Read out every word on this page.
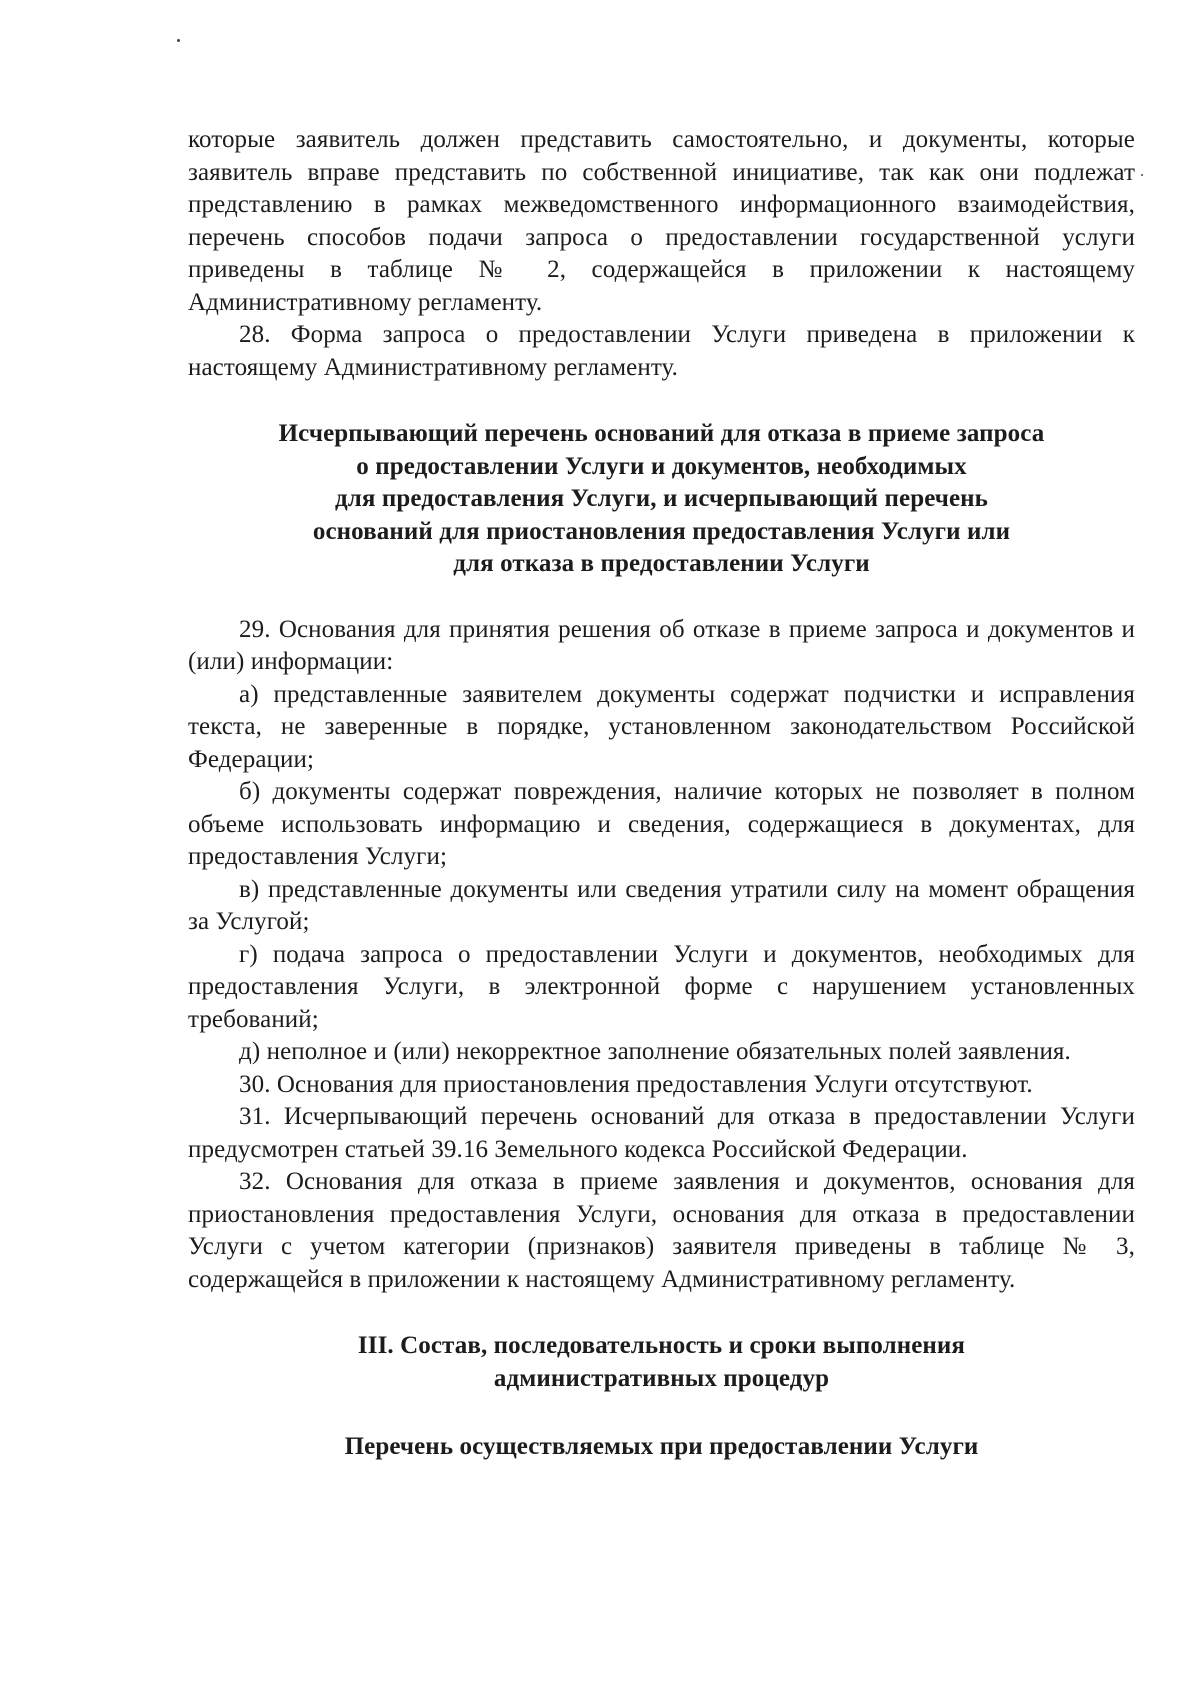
которые заявитель должен представить самостоятельно, и документы, которые заявитель вправе представить по собственной инициативе, так как они подлежат представлению в рамках межведомственного информационного взаимодействия, перечень способов подачи запроса о предоставлении государственной услуги приведены в таблице № 2, содержащейся в приложении к настоящему Административному регламенту.

28. Форма запроса о предоставлении Услуги приведена в приложении к настоящему Административному регламенту.

Исчерпывающий перечень оснований для отказа в приеме запроса
о предоставлении Услуги и документов, необходимых
для предоставления Услуги, и исчерпывающий перечень
оснований для приостановления предоставления Услуги или
для отказа в предоставлении Услуги

29. Основания для принятия решения об отказе в приеме запроса и документов и (или) информации:

а) представленные заявителем документы содержат подчистки и исправления текста, не заверенные в порядке, установленном законодательством Российской Федерации;

б) документы содержат повреждения, наличие которых не позволяет в полном объеме использовать информацию и сведения, содержащиеся в документах, для предоставления Услуги;

в) представленные документы или сведения утратили силу на момент обращения за Услугой;

г) подача запроса о предоставлении Услуги и документов, необходимых для предоставления Услуги, в электронной форме с нарушением установленных требований;

д) неполное и (или) некорректное заполнение обязательных полей заявления.

30. Основания для приостановления предоставления Услуги отсутствуют.

31. Исчерпывающий перечень оснований для отказа в предоставлении Услуги предусмотрен статьей 39.16 Земельного кодекса Российской Федерации.

32. Основания для отказа в приеме заявления и документов, основания для приостановления предоставления Услуги, основания для отказа в предоставлении Услуги с учетом категории (признаков) заявителя приведены в таблице № 3, содержащейся в приложении к настоящему Административному регламенту.

III. Состав, последовательность и сроки выполнения
административных процедур
Перечень осуществляемых при предоставлении Услуги
